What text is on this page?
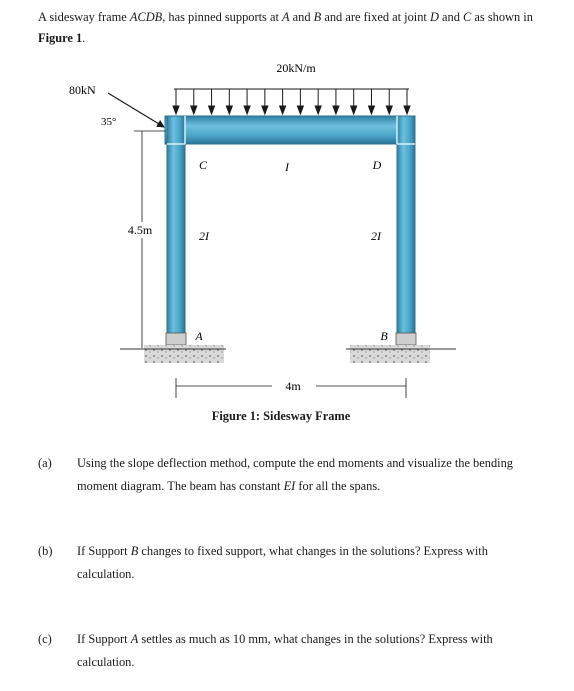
A sidesway frame ACDB, has pinned supports at A and B and are fixed at joint D and C as shown in Figure 1.
20kN/m
80kN
35°
4.5m
C	D
I
2I	2I
A	B
4m
Figure 1: Sidesway Frame
(a) Using the slope deflection method, compute the end moments and visualize the bending moment diagram. The beam has constant EI for all the spans.
(b) If Support B changes to fixed support, what changes in the solutions? Express with calculation.
(c) If Support A settles as much as 10 mm, what changes in the solutions? Express with calculation.
